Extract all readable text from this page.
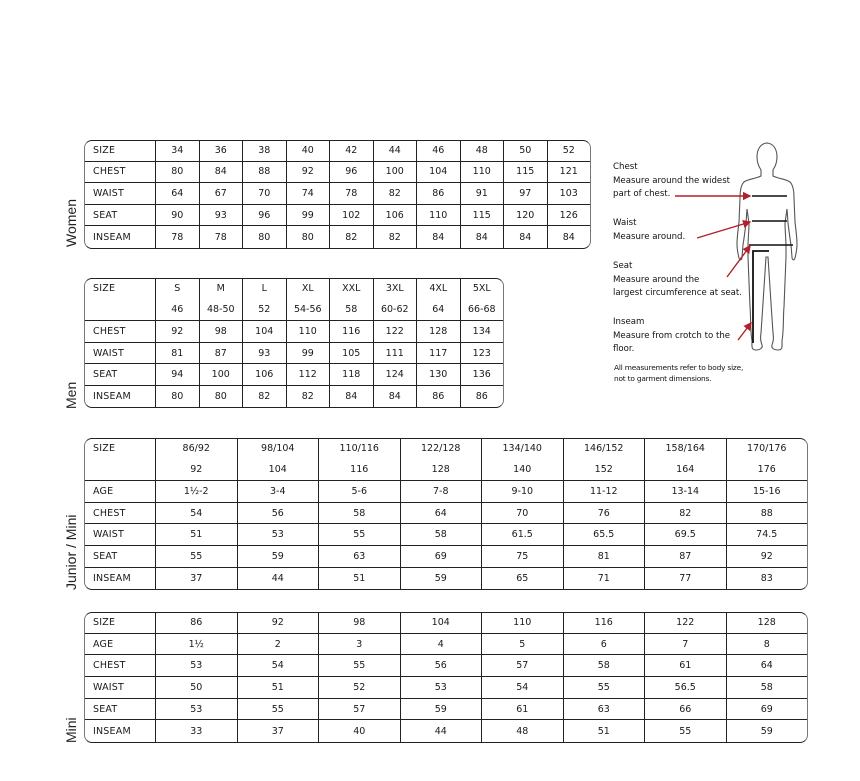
Women
SIZE	34	36	38	40	42	44	46	48	50	52
CHEST	80	84	88	92	96	100	104	110	115	121
WAIST	64	67	70	74	78	82	86	91	97	103
SEAT	90	93	96	99	102	106	110	115	120	126
INSEAM	78	78	80	80	82	82	84	84	84	84
Men
SIZE	S	M	L	XL	XXL	3XL	4XL	5XL
	46	48-50	52	54-56	58	60-62	64	66-68
CHEST	92	98	104	110	116	122	128	134
WAIST	81	87	93	99	105	111	117	123
SEAT	94	100	106	112	118	124	130	136
INSEAM	80	80	82	82	84	84	86	86
Junior / Mini
SIZE	86/92	98/104	110/116	122/128	134/140	146/152	158/164	170/176
	92	104	116	128	140	152	164	176
AGE	1½-2	3-4	5-6	7-8	9-10	11-12	13-14	15-16
CHEST	54	56	58	64	70	76	82	88
WAIST	51	53	55	58	61.5	65.5	69.5	74.5
SEAT	55	59	63	69	75	81	87	92
INSEAM	37	44	51	59	65	71	77	83
Mini
SIZE	86	92	98	104	110	116	122	128
AGE	1½	2	3	4	5	6	7	8
CHEST	53	54	55	56	57	58	61	64
WAIST	50	51	52	53	54	55	56.5	58
SEAT	53	55	57	59	61	63	66	69
INSEAM	33	37	40	44	48	51	55	59
Chest
Measure around the widest
part of chest.
Waist
Measure around.
Seat
Measure around the
largest circumference at seat.
Inseam
Measure from crotch to the
floor.
All measurements refer to body size,
not to garment dimensions.
